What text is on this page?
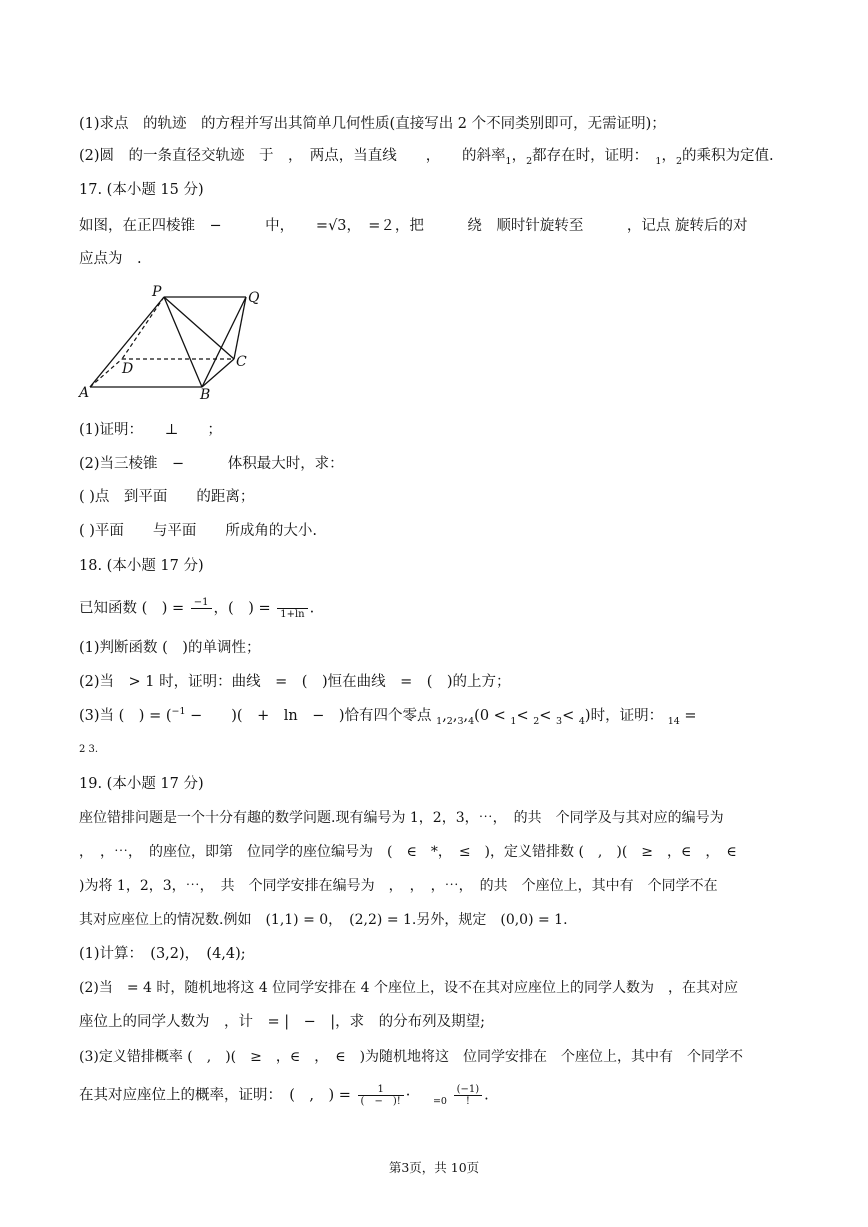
(1)求点　的轨迹　的方程并写出其简单几何性质(直接写出 2 个不同类别即可，无需证明)；
(2)圆　的一条直径交轨迹　于　，　两点，当直线　　，　　的斜率$_1$，$_2$都存在时，证明：　 $_1$，$_2$的乘积为定值.
17. (本小题 15 分)
如图，在正四棱锥　−　　　中，　　=√3，　=２，把　　　绕　顺时针旋转至　　　，记点 旋转后的对
应点为　.
P	Q
D	C
A	B
(1)证明：　　⊥　　；
(2)当三棱锥　−　　　体积最大时，求：
( )点　到平面　　的距离；
( )平面　　与平面　　所成角的大小.
18. (本小题 17 分)
已知函数 (　) = −1 ，(　) = 1+ln .
(1)判断函数 (　)的单调性；
(2)当　> 1 时，证明：曲线　=　(　)恒在曲线　=　(　)的上方；
(3)当 (　) = ($^{-1}$ −　　)(　+　ln　−　)恰有四个零点 $_1,_2,_3,_4(0 < _1< _2< _3< _4)$时，证明： $_{14}$ =
2 3.
19. (本小题 17 分)
座位错排问题是一个十分有趣的数学问题.现有编号为 1，2，3，⋯，　的共　个同学及与其对应的编号为
，　，⋯，　的座位，即第　位同学的座位编号为　(　∈　*，　≤　)，定义错排数 (　,　)(　≥　，∈　，　∈
)为将 1，2，3，⋯，　共　个同学安排在编号为　，　，　，⋯，　的共　个座位上，其中有　个同学不在
其对应座位上的情况数.例如　(1,1) = 0，　(2,2) = 1.另外，规定　(0,0) = 1.
(1)计算：　(3,2)，　(4,4);
(2)当　= 4 时，随机地将这 4 位同学安排在 4 个座位上，设不在其对应座位上的同学人数为　，在其对应
座位上的同学人数为　，计　= |　−　|，求　的分布列及期望;
(3)定义错排概率 (　,　)(　≥　，∈　，　∈　)为随机地将这　位同学安排在　个座位上，其中有　个同学不
在其对应座位上的概率，证明：　(　,　) = $\frac{1}{( - )!} \cdot _{=0} \frac{(-1)}{!}$ .
第3页，共 10页
